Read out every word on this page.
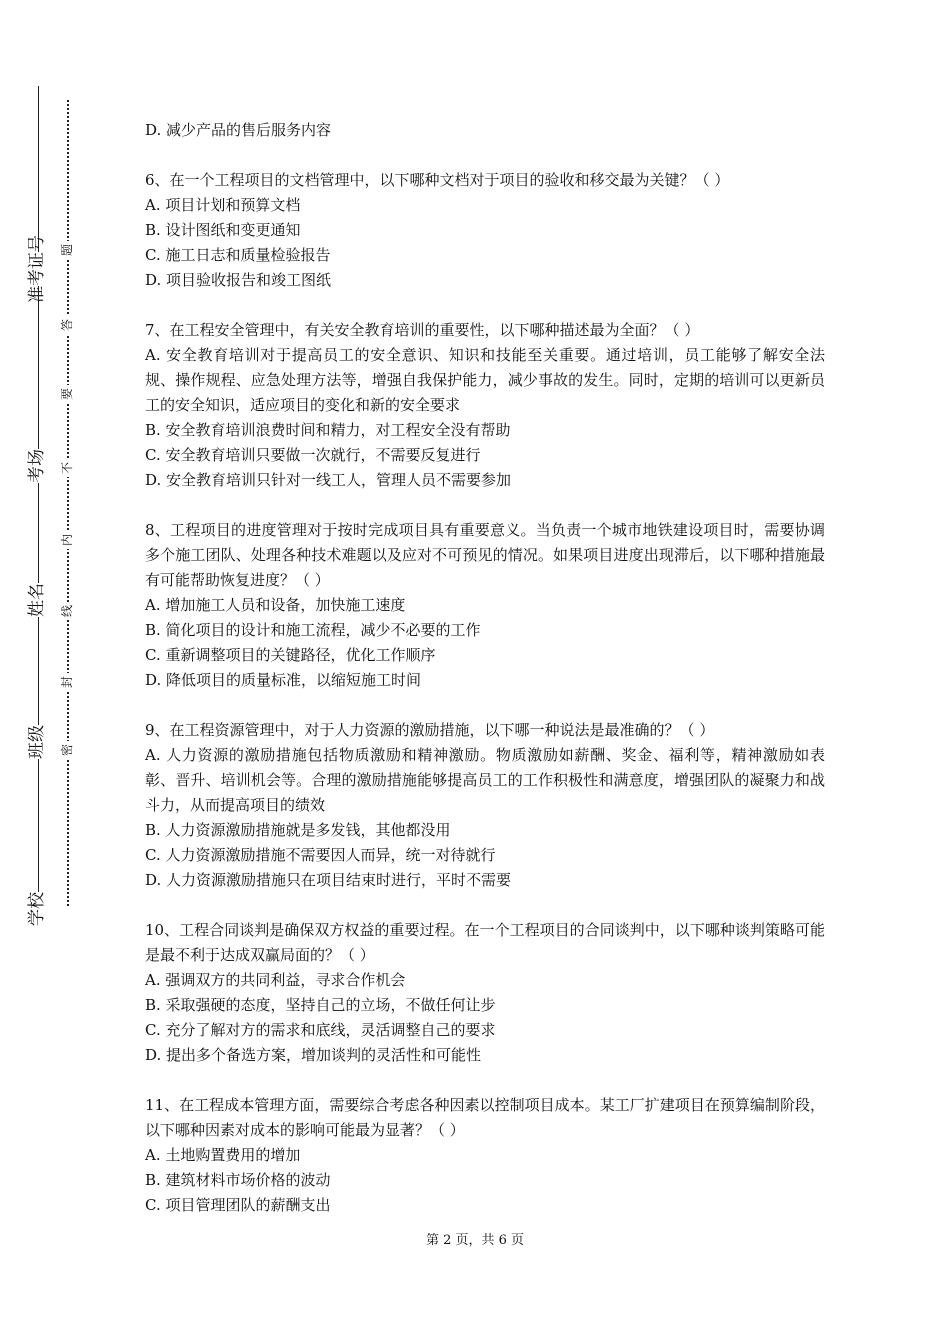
准考证号
考场
姓名
班级
学校
题
答
要
不
内
线
封
密

D. 减少产品的售后服务内容

6、在一个工程项目的文档管理中，以下哪种文档对于项目的验收和移交最为关键？（ ）

A. 项目计划和预算文档

B. 设计图纸和变更通知

C. 施工日志和质量检验报告

D. 项目验收报告和竣工图纸

7、在工程安全管理中，有关安全教育培训的重要性，以下哪种描述最为全面？（ ）

A. 安全教育培训对于提高员工的安全意识、知识和技能至关重要。通过培训，员工能够了解安全法规、操作规程、应急处理方法等，增强自我保护能力，减少事故的发生。同时，定期的培训可以更新员工的安全知识，适应项目的变化和新的安全要求

B. 安全教育培训浪费时间和精力，对工程安全没有帮助

C. 安全教育培训只要做一次就行，不需要反复进行

D. 安全教育培训只针对一线工人，管理人员不需要参加

8、工程项目的进度管理对于按时完成项目具有重要意义。当负责一个城市地铁建设项目时，需要协调多个施工团队、处理各种技术难题以及应对不可预见的情况。如果项目进度出现滞后，以下哪种措施最有可能帮助恢复进度？（ ）

A. 增加施工人员和设备，加快施工速度

B. 简化项目的设计和施工流程，减少不必要的工作

C. 重新调整项目的关键路径，优化工作顺序

D. 降低项目的质量标准，以缩短施工时间

9、在工程资源管理中，对于人力资源的激励措施，以下哪一种说法是最准确的？（ ）

A. 人力资源的激励措施包括物质激励和精神激励。物质激励如薪酬、奖金、福利等，精神激励如表彰、晋升、培训机会等。合理的激励措施能够提高员工的工作积极性和满意度，增强团队的凝聚力和战斗力，从而提高项目的绩效

B. 人力资源激励措施就是多发钱，其他都没用

C. 人力资源激励措施不需要因人而异，统一对待就行

D. 人力资源激励措施只在项目结束时进行，平时不需要

10、工程合同谈判是确保双方权益的重要过程。在一个工程项目的合同谈判中，以下哪种谈判策略可能是最不利于达成双赢局面的？（ ）

A. 强调双方的共同利益，寻求合作机会

B. 采取强硬的态度，坚持自己的立场，不做任何让步

C. 充分了解对方的需求和底线，灵活调整自己的要求

D. 提出多个备选方案，增加谈判的灵活性和可能性

11、在工程成本管理方面，需要综合考虑各种因素以控制项目成本。某工厂扩建项目在预算编制阶段，以下哪种因素对成本的影响可能最为显著？（ ）

A. 土地购置费用的增加

B. 建筑材料市场价格的波动

C. 项目管理团队的薪酬支出

第 2 页，共 6 页
